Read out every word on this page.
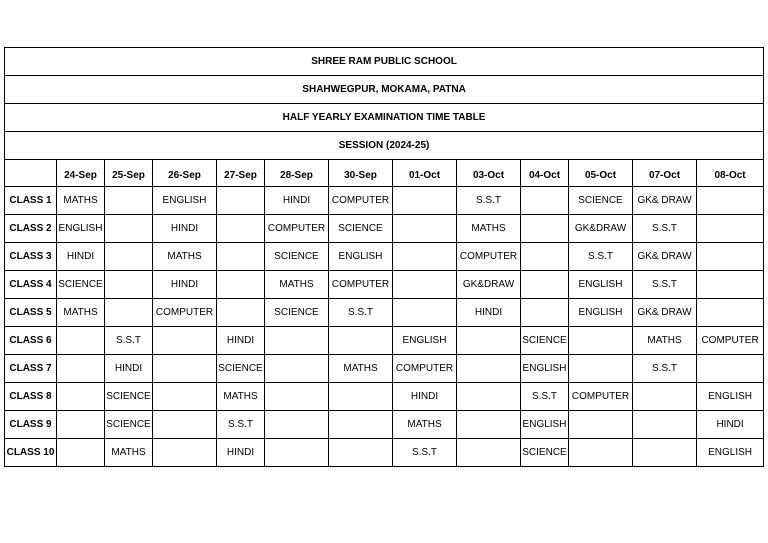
SHREE RAM PUBLIC SCHOOL												
SHAHWEGPUR, MOKAMA, PATNA												
HALF YEARLY EXAMINATION TIME TABLE												
SESSION (2024-25)												
	24-Sep	25-Sep	26-Sep	27-Sep	28-Sep	30-Sep	01-Oct	03-Oct	04-Oct	05-Oct	07-Oct	08-Oct
CLASS 1	MATHS		ENGLISH		HINDI	COMPUTER		S.S.T		SCIENCE	GK& DRAW	
CLASS 2	ENGLISH		HINDI		COMPUTER	SCIENCE		MATHS		GK&DRAW	S.S.T	
CLASS 3	HINDI		MATHS		SCIENCE	ENGLISH		COMPUTER		S.S.T	GK& DRAW	
CLASS 4	SCIENCE		HINDI		MATHS	COMPUTER		GK&DRAW		ENGLISH	S.S.T	
CLASS 5	MATHS		COMPUTER		SCIENCE	S.S.T		HINDI		ENGLISH	GK& DRAW	
CLASS 6		S.S.T		HINDI			ENGLISH		SCIENCE		MATHS	COMPUTER
CLASS 7		HINDI		SCIENCE		MATHS	COMPUTER		ENGLISH		S.S.T	
CLASS 8		SCIENCE		MATHS			HINDI		S.S.T	COMPUTER		ENGLISH
CLASS 9		SCIENCE		S.S.T			MATHS		ENGLISH			HINDI
CLASS 10		MATHS		HINDI			S.S.T		SCIENCE			ENGLISH
